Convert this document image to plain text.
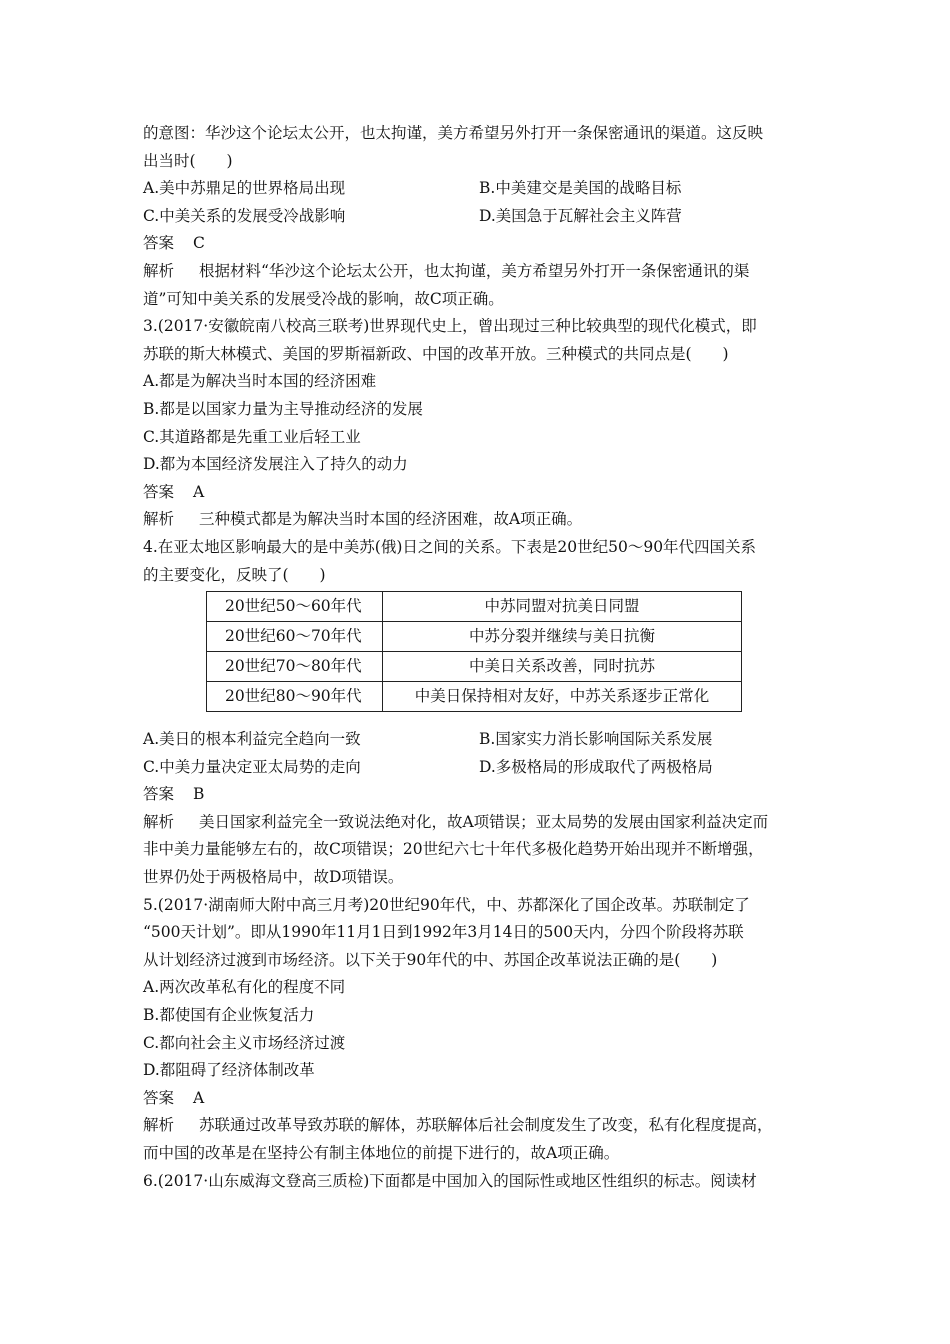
的意图：华沙这个论坛太公开，也太拘谨，美方希望另外打开一条保密通讯的渠道。这反映
出当时(　　)
A.美中苏鼎足的世界格局出现	B.中美建交是美国的战略目标
C.中美关系的发展受冷战影响	D.美国急于瓦解社会主义阵营
答案 C
解析 根据材料“华沙这个论坛太公开，也太拘谨，美方希望另外打开一条保密通讯的渠
道”可知中美关系的发展受冷战的影响，故C项正确。
3.(2017·安徽皖南八校高三联考)世界现代史上，曾出现过三种比较典型的现代化模式，即
苏联的斯大林模式、美国的罗斯福新政、中国的改革开放。三种模式的共同点是(　　)
A.都是为解决当时本国的经济困难
B.都是以国家力量为主导推动经济的发展
C.其道路都是先重工业后轻工业
D.都为本国经济发展注入了持久的动力
答案 A
解析 三种模式都是为解决当时本国的经济困难，故A项正确。
4.在亚太地区影响最大的是中美苏(俄)日之间的关系。下表是20世纪50～90年代四国关系
的主要变化，反映了(　　)
20世纪50～60年代	中苏同盟对抗美日同盟
20世纪60～70年代	中苏分裂并继续与美日抗衡
20世纪70～80年代	中美日关系改善，同时抗苏
20世纪80～90年代	中美日保持相对友好，中苏关系逐步正常化
A.美日的根本利益完全趋向一致	B.国家实力消长影响国际关系发展
C.中美力量决定亚太局势的走向	D.多极格局的形成取代了两极格局
答案 B
解析 美日国家利益完全一致说法绝对化，故A项错误；亚太局势的发展由国家利益决定而
非中美力量能够左右的，故C项错误；20世纪六七十年代多极化趋势开始出现并不断增强，
世界仍处于两极格局中，故D项错误。
5.(2017·湖南师大附中高三月考)20世纪90年代，中、苏都深化了国企改革。苏联制定了
“500天计划”。即从1990年11月1日到1992年3月14日的500天内，分四个阶段将苏联
从计划经济过渡到市场经济。以下关于90年代的中、苏国企改革说法正确的是(　　)
A.两次改革私有化的程度不同
B.都使国有企业恢复活力
C.都向社会主义市场经济过渡
D.都阻碍了经济体制改革
答案 A
解析 苏联通过改革导致苏联的解体，苏联解体后社会制度发生了改变，私有化程度提高，
而中国的改革是在坚持公有制主体地位的前提下进行的，故A项正确。
6.(2017·山东威海文登高三质检)下面都是中国加入的国际性或地区性组织的标志。阅读材
